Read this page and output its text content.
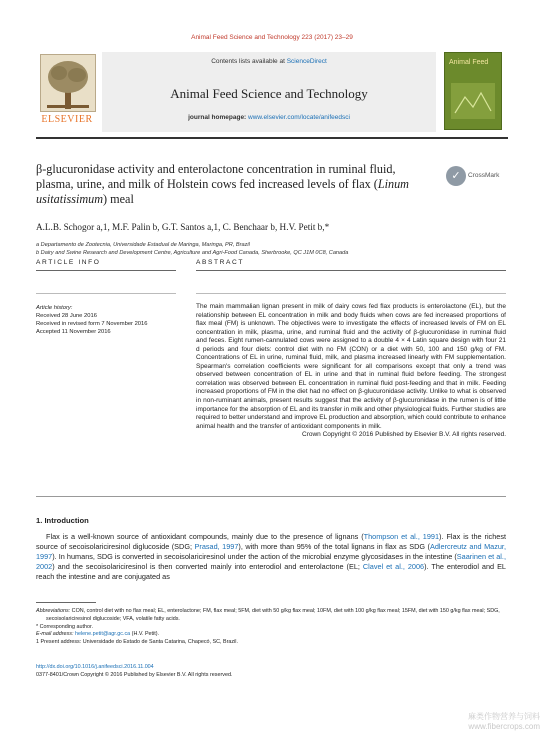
Animal Feed Science and Technology 223 (2017) 23–29
ELSEVIER
Contents lists available at ScienceDirect
Animal Feed Science and Technology
journal homepage: www.elsevier.com/locate/anifeedsci
Animal Feed
β-glucuronidase activity and enterolactone concentration in ruminal fluid, plasma, urine, and milk of Holstein cows fed increased levels of flax (Linum usitatissimum) meal
✓	CrossMark
A.L.B. Schogor a,1, M.F. Palin b, G.T. Santos a,1, C. Benchaar b, H.V. Petit b,*
a Departamento de Zootecnia, Universidade Estadual de Maringa, Maringa, PR, Brazil
b Dairy and Swine Research and Development Centre, Agriculture and Agri-Food Canada, Sherbrooke, QC J1M 0C8, Canada
ARTICLE INFO	ABSTRACT
Article history:
Received 28 June 2016
Received in revised form 7 November 2016
Accepted 11 November 2016
The main mammalian lignan present in milk of dairy cows fed flax products is enterolactone (EL), but the relationship between EL concentration in milk and body fluids when cows are fed increased proportions of flax meal (FM) is unknown. The objectives were to investigate the effects of increased levels of FM on EL concentration in milk, plasma, urine, and ruminal fluid and the activity of β-glucuronidase in ruminal fluid and feces. Eight rumen-cannulated cows were assigned to a double 4 × 4 Latin square design with four 21 d periods and four diets: control diet with no FM (CON) or a diet with 50, 100 and 150 g/kg of FM. Concentrations of EL in urine, ruminal fluid, milk, and plasma increased linearly with FM supplementation. Spearman's correlation coefficients were significant for all comparisons except that only a trend was observed between concentration of EL in urine and that in ruminal fluid before feeding. The strongest correlation was observed between EL concentration in ruminal fluid post-feeding and that in milk. Feeding increased proportions of FM in the diet had no effect on β-glucuronidase activity. Unlike to what is observed in non-ruminant animals, present results suggest that the activity of β-glucuronidase in the rumen is of little importance for the absorption of EL and its transfer in milk and other physiological fluids. Further studies are required to better understand and improve EL production and absorption, which could contribute to enhance animal health and the transfer of antioxidant components in milk.
Crown Copyright © 2016 Published by Elsevier B.V. All rights reserved.
1. Introduction
Flax is a well-known source of antioxidant compounds, mainly due to the presence of lignans (Thompson et al., 1991). Flax is the richest source of secoisolariciresinol diglucoside (SDG; Prasad, 1997), with more than 95% of the total lignans in flax as SDG (Adlercreutz and Mazur, 1997). In humans, SDG is converted in secoisolariciresinol under the action of the microbial enzyme glycosidases in the intestine (Saarinen et al., 2002) and the secoisolariciresinol is then converted mainly into enterodiol and enterolactone (EL; Clavel et al., 2006). The enterodiol and EL reach the intestine and are conjugated as
Abbreviations: CON, control diet with no flax meal; EL, enterolactone; FM, flax meal; 5FM, diet with 50 g/kg flax meal; 10FM, diet with 100 g/kg flax meal; 15FM, diet with 150 g/kg flax meal; SDG, secoisolariciresinol diglucoside; VFA, volatile fatty acids.
* Corresponding author.
E-mail address: helene.petit@agr.gc.ca (H.V. Petit).
1 Present address: Universidade do Estado de Santa Catarina, Chapecó, SC, Brazil.
http://dx.doi.org/10.1016/j.anifeedsci.2016.11.004
0377-8401/Crown Copyright © 2016 Published by Elsevier B.V. All rights reserved.
麻类作物营养与饲料
www.fibercrops.com
